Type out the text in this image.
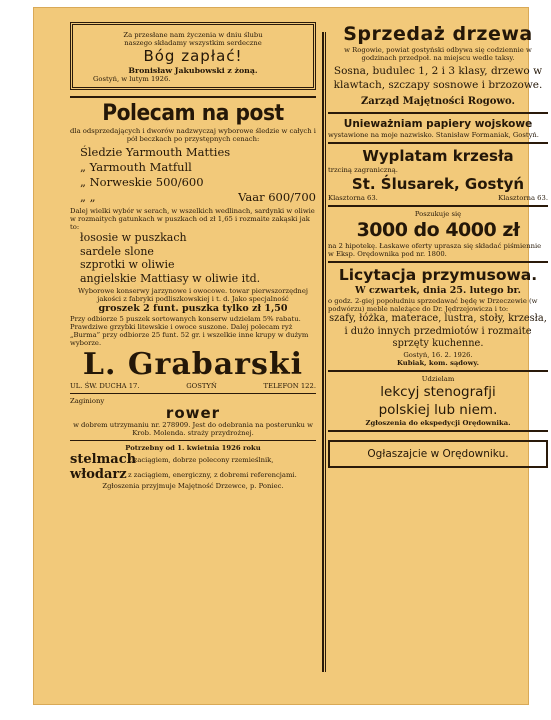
Za przesłane nam życzenia w dniu ślubu

naszego składamy wszystkim serdeczne

Bóg zapłać!

Bronisław Jakubowski z żoną.

Gostyń, w lutym 1926.

Polecam na post

dla odsprzedających i dworów nadzwyczaj wyborowe śledzie w całych i pół beczkach po przystępnych cenach:

Śledzie Yarmouth Matties
„ Yarmouth Matfull
„ Norweskie 500/600
„ „	Vaar 600/700

Dalej wielki wybór w serach, w wszelkich wedlinach, sardynki w oliwie w rozmaitych gatunkach w puszkach od zł 1,65 i rozmaite zakąski jak to:

łososie w puszkach

sardele slone

szprotki w oliwie

angielskie Mattiasy w oliwie itd.

Wyborowe konserwy jarzynowe i owocowe. towar pierwszorzędnej jakości z fabryki podliszkowskiej i t. d. Jako specjalność

groszek 2 funt. puszka tylko zł 1,50

Przy odbiorze 5 puszek sortowanych konserw udzielam 5% rabatu.

Prawdziwe grzybki litewskie i owoce suszone. Dalej polecam ryż „Burma” przy odbiorze 25 funt. 52 gr. i wszelkie inne krupy w dużym wyborze.

L. Grabarski

UL. ŚW. DUCHA 17.	GOSTYŃ	TELEFON 122.

Zaginiony

rower

w dobrem utrzymaniu nr. 278909. Jest do odebrania na posterunku w Krob. Molenda. straży przydrożnej.

Potrzebny od 1. kwietnia 1926 roku

stelmach
z zaciągiem, dobrze polecony rzemieślnik,
włodarz z zaciągiem, energiczny, z dobremi referencjami.

Zgłoszenia przyjmuje Majętność Drzewce, p. Poniec.

Sprzedaż drzewa

w Rogowie, powiat gostyński odbywa się codziennie w godzinach przedpoł. na miejscu wedle taksy.

Sosna, budulec 1, 2 i 3 klasy, drzewo w klawtach, szczapy sosnowe i brzozowe.

Zarząd Majętności Rogowo.

Unieważniam papiery wojskowe

wystawione na moje nazwisko. Stanisław Formaniak, Gostyń.

Wyplatam krzesła

trzciną zagraniczną.

St. Ślusarek, Gostyń

Klasztorna 63.	Klasztorna 63.

Poszukuje się

3000 do 4000 zł

na 2 hipotekę. Łaskawe oferty uprasza się składać piśmiennie w Eksp. Orędownika pod nr. 1800.

Licytacja przymusowa.

W czwartek, dnia 25. lutego br.

o godz. 2-giej popołudniu sprzedawać będę w Drzeczewie (w podwórzu) meble należące do Dr. Jędrzejowicza i to:

szafy, łóżka, materace, lustra, stoły, krzesła, i dużo innych przedmiotów i rozmaite sprzęty kuchenne.

Gostyń, 16. 2. 1926.

Kubiak, kom. sądowy.

Udzielam

lekcyj stenografji

polskiej lub niem.

Zgłoszenia do ekspedycji Orędownika.

Ogłaszajcie w Orędowniku.
